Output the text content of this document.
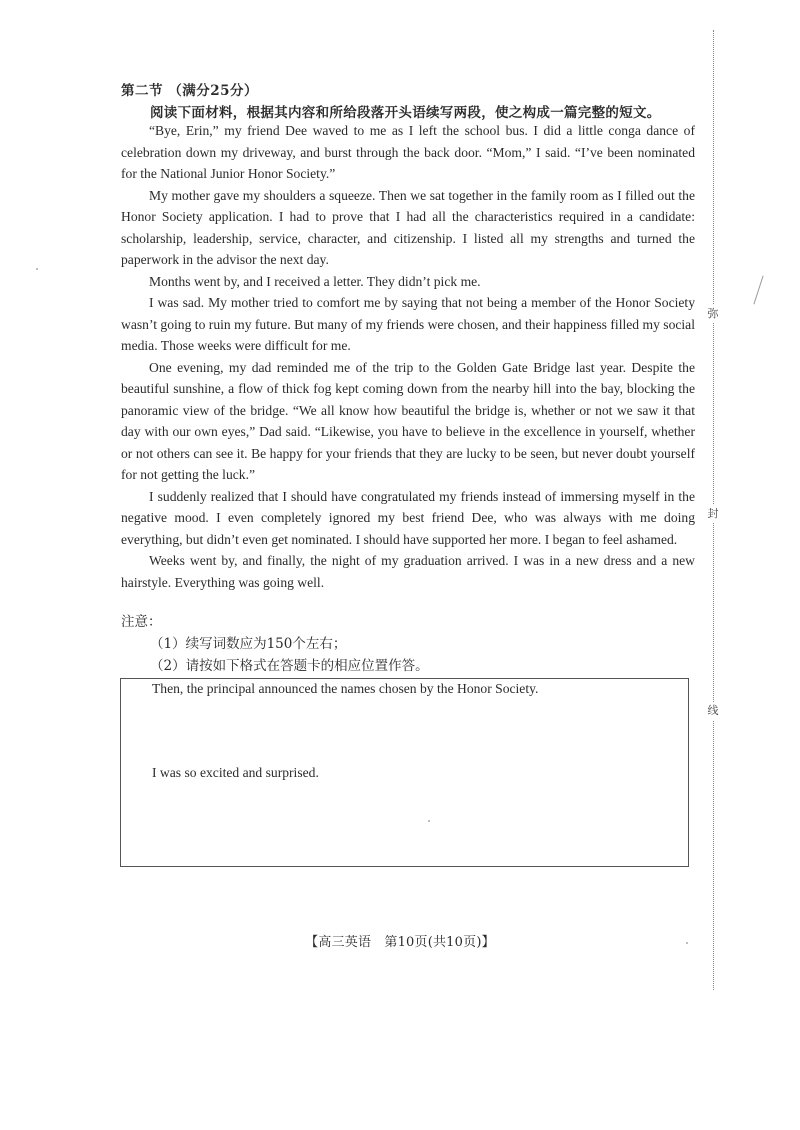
第二节 （满分25分）
阅读下面材料，根据其内容和所给段落开头语续写两段，使之构成一篇完整的短文。

“Bye, Erin,” my friend Dee waved to me as I left the school bus. I did a little conga dance of celebration down my driveway, and burst through the back door. “Mom,” I said. “I’ve been nominated for the National Junior Honor Society.”

My mother gave my shoulders a squeeze. Then we sat together in the family room as I filled out the Honor Society application. I had to prove that I had all the characteristics required in a candidate: scholarship, leadership, service, character, and citizenship. I listed all my strengths and turned the paperwork in the advisor the next day.

Months went by, and I received a letter. They didn’t pick me.

I was sad. My mother tried to comfort me by saying that not being a member of the Honor Society wasn’t going to ruin my future. But many of my friends were chosen, and their happiness filled my social media. Those weeks were difficult for me.

One evening, my dad reminded me of the trip to the Golden Gate Bridge last year. Despite the beautiful sunshine, a flow of thick fog kept coming down from the nearby hill into the bay, blocking the panoramic view of the bridge. “We all know how beautiful the bridge is, whether or not we saw it that day with our own eyes,” Dad said. “Likewise, you have to believe in the excellence in yourself, whether or not others can see it. Be happy for your friends that they are lucky to be seen, but never doubt yourself for not getting the luck.”

I suddenly realized that I should have congratulated my friends instead of immersing myself in the negative mood. I even completely ignored my best friend Dee, who was always with me doing everything, but didn’t even get nominated. I should have supported her more. I began to feel ashamed.

Weeks went by, and finally, the night of my graduation arrived. I was in a new dress and a new hairstyle. Everything was going well.

注意：
（1）续写词数应为150个左右；
（2）请按如下格式在答题卡的相应位置作答。
Then, the principal announced the names chosen by the Honor Society.
I was so excited and surprised.
【高三英语　第10页(共10页)】
弥
封
线
